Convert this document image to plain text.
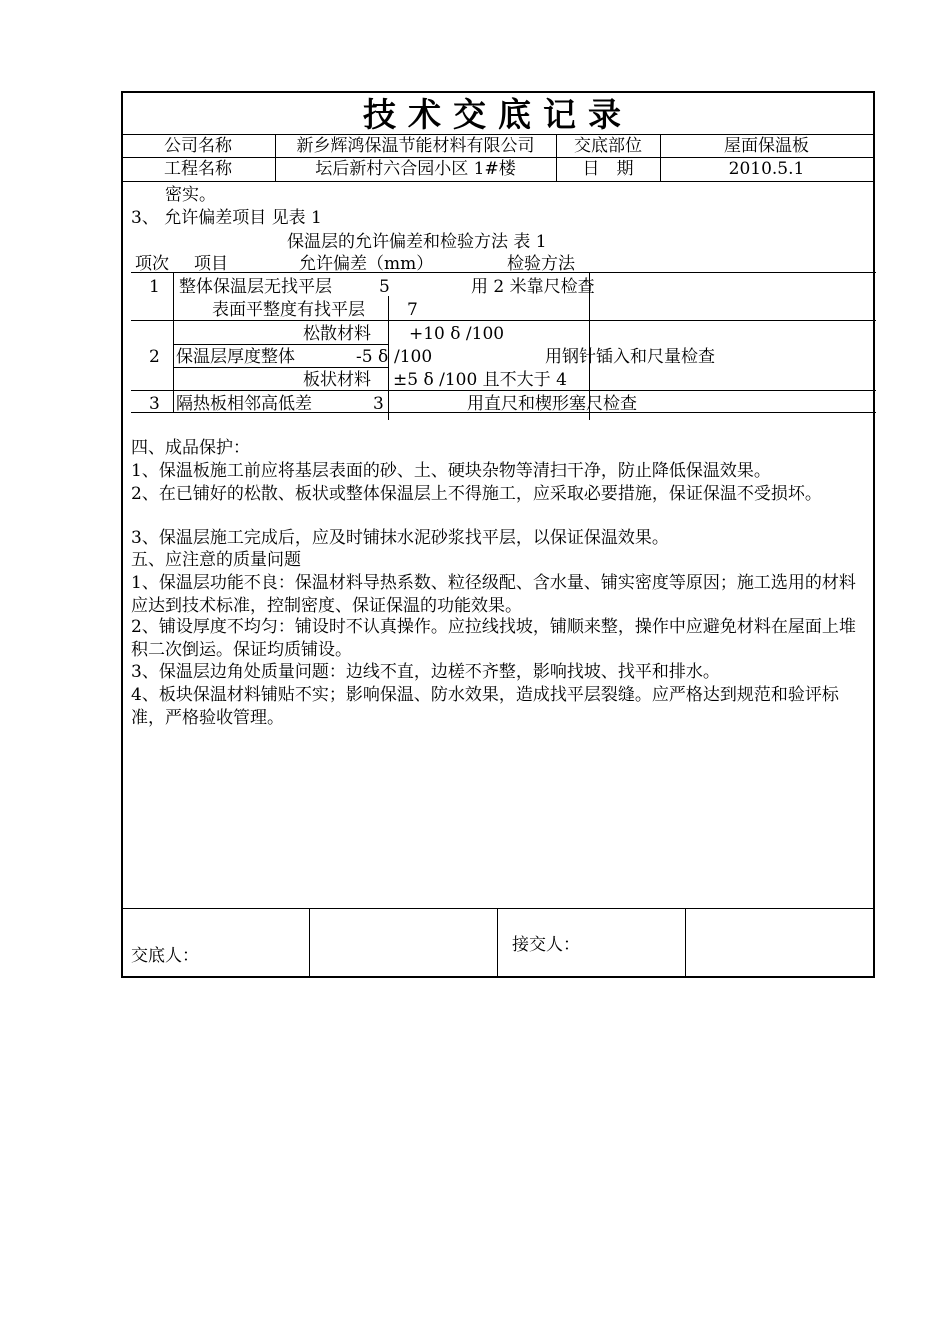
技术交底记录
公司名称	新乡辉鸿保温节能材料有限公司	交底部位	屋面保温板
工程名称	坛后新村六合园小区 1#楼	日　期	2010.5.1
密实。
3、 允许偏差项目 见表 1
保温层的允许偏差和检验方法 表 1
项次 项目	允许偏差（mm）	检验方法
1 整体保温层无找平层	5	用 2 米靠尺检查
表面平整度有找平层 7
松散材料 +10 δ /100
2 保温层厚度整体	-5 δ /100	用钢针锸入和尺量检查
板状材料 ±5 δ /100 且不大于 4
3 隔热板相邻高低差	3	用直尺和楔形塞尺检查
四、成品保护：
1、保温板施工前应将基层表面的砂、土、硬块杂物等清扫干净，防止降低保温效果。
2、在已铺好的松散、板状或整体保温层上不得施工，应采取必要措施，保证保温不受损坏。
3、保温层施工完成后，应及时铺抹水泥砂浆找平层，以保证保温效果。
五、应注意的质量问题
1、保温层功能不良：保温材料导热系数、粒径级配、含水量、铺实密度等原因；施工选用的材料应达到技术标准，控制密度、保证保温的功能效果。
2、铺设厚度不均匀：铺设时不认真操作。应拉线找坡，铺顺来整，操作中应避免材料在屋面上堆积二次倒运。保证均质铺设。
3、保温层边角处质量问题：边线不直，边槎不齐整，影响找坡、找平和排水。
4、板块保温材料铺贴不实；影响保温、防水效果，造成找平层裂缝。应严格达到规范和验评标准，严格验收管理。
交底人：
接交人：
